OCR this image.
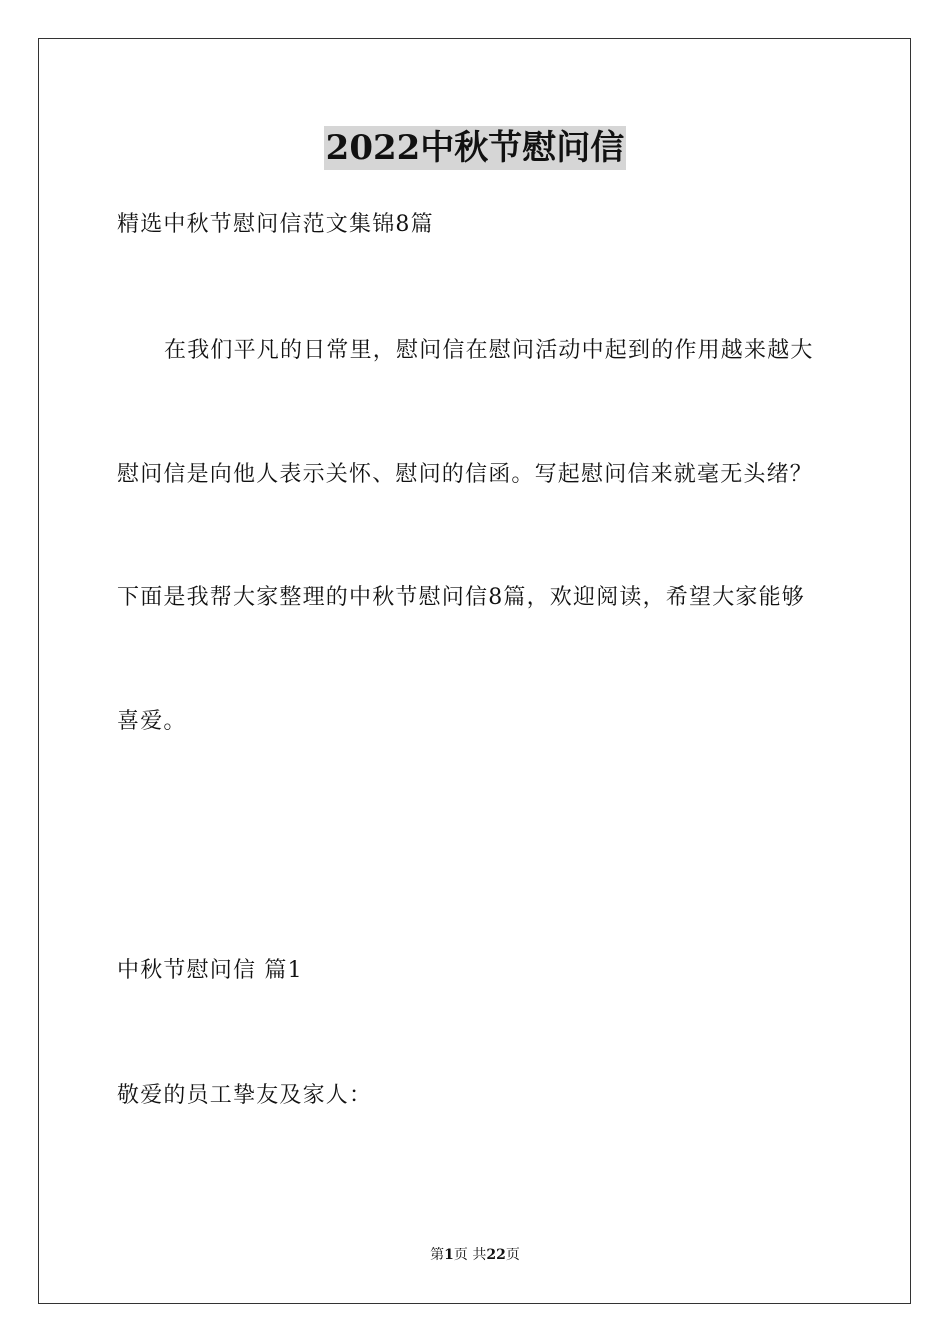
2022中秋节慰问信
精选中秋节慰问信范文集锦8篇
在我们平凡的日常里，慰问信在慰问活动中起到的作用越来越大
慰问信是向他人表示关怀、慰问的信函。写起慰问信来就毫无头绪？
下面是我帮大家整理的中秋节慰问信8篇，欢迎阅读，希望大家能够
喜爱。
中秋节慰问信 篇1
敬爱的员工挚友及家人：
第1页 共22页
